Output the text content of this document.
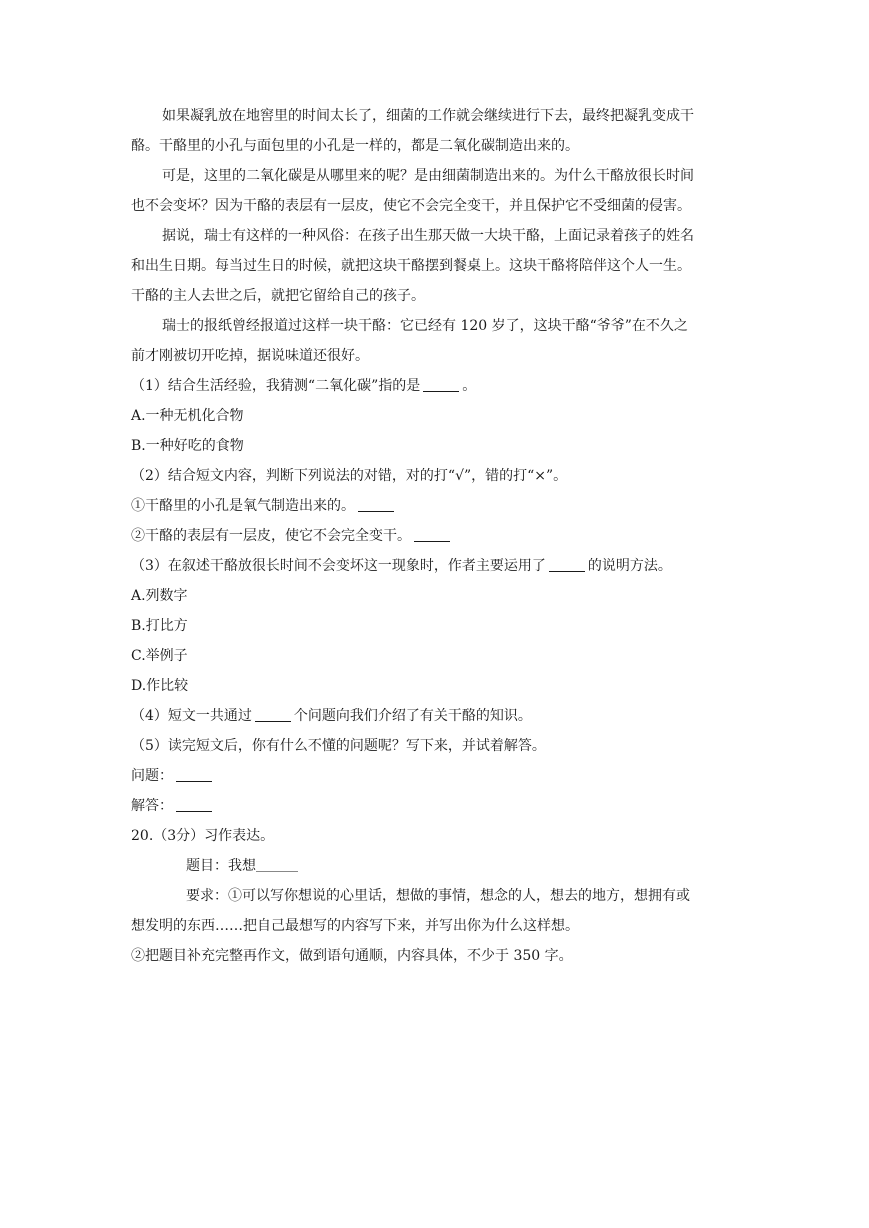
如果凝乳放在地窖里的时间太长了，细菌的工作就会继续进行下去，最终把凝乳变成干
酪。干酪里的小孔与面包里的小孔是一样的，都是二氧化碳制造出来的。
可是，这里的二氧化碳是从哪里来的呢？是由细菌制造出来的。为什么干酪放很长时间
也不会变坏？因为干酪的表层有一层皮，使它不会完全变干，并且保护它不受细菌的侵害。
据说，瑞士有这样的一种风俗：在孩子出生那天做一大块干酪，上面记录着孩子的姓名
和出生日期。每当过生日的时候，就把这块干酪摆到餐桌上。这块干酪将陪伴这个人一生。
干酪的主人去世之后，就把它留给自己的孩子。
瑞士的报纸曾经报道过这样一块干酪：它已经有 120 岁了，这块干酪“爷爷”在不久之
前才刚被切开吃掉，据说味道还很好。
（1）结合生活经验，我猜测“二氧化碳”指的是	。
A.一种无机化合物
B.一种好吃的食物
（2）结合短文内容，判断下列说法的对错，对的打“√”，错的打“×”。
①干酪里的小孔是氧气制造出来的。
②干酪的表层有一层皮，使它不会完全变干。
（3）在叙述干酪放很长时间不会变坏这一现象时，作者主要运用了	的说明方法。
A.列数字
B.打比方
C.举例子
D.作比较
（4）短文一共通过	个问题向我们介绍了有关干酪的知识。
（5）读完短文后，你有什么不懂的问题呢？写下来，并试着解答。
问题：
解答：
20.（3分）习作表达。
题目：我想
要求：①可以写你想说的心里话，想做的事情，想念的人，想去的地方，想拥有或
想发明的东西……把自己最想写的内容写下来，并写出你为什么这样想。
②把题目补充完整再作文，做到语句通顺，内容具体，不少于 350 字。
